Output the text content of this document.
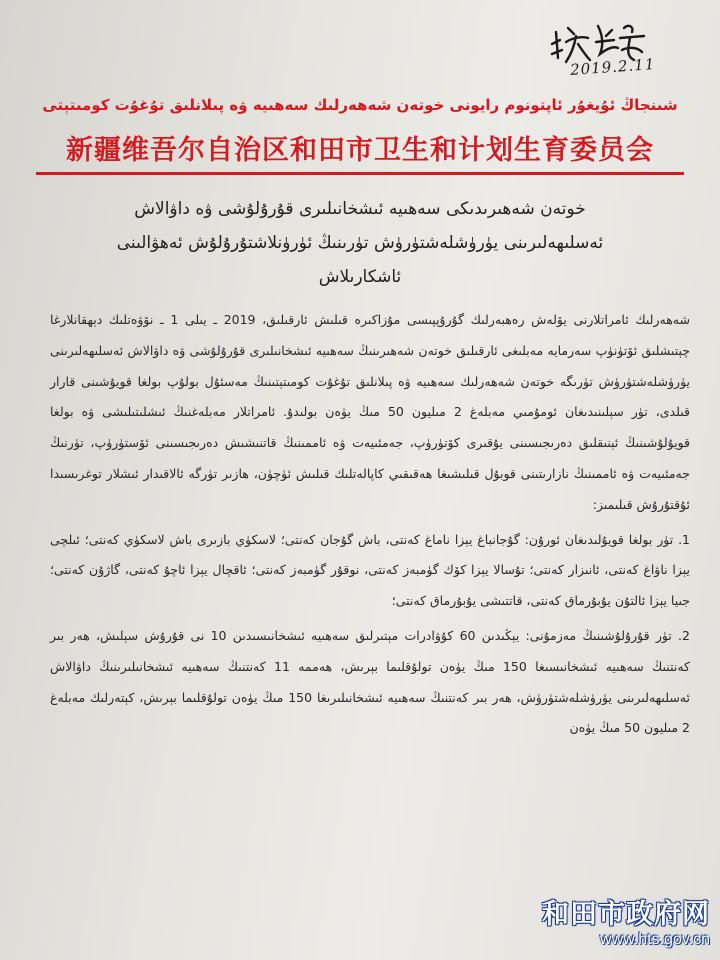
2019.2.11
شىنجاڭ ئۇيغۇر ئاپتونوم رايونى خوتەن شەھەرلىك سەھىيە ۋە پىلانلىق تۇغۇت كومىتېتى
新疆维吾尔自治区和田市卫生和计划生育委员会
خوتەن شەھىرىدىكى سەھىيە ئىشخانىلىرى قۇرۇلۇشى ۋە داۋالاش
ئەسلىھەلىرىنى يۈرۈشلەشتۈرۈش تۈرىنىڭ ئۈرۈنلاشتۇرۇلۇش ئەھۋالىنى
ئاشكارىلاش

شەھەرلىك ئامراتلارنى يۆلەش رەھبەرلىك گۇرۇپپىسى مۇزاكىرە قىلىش ئارقىلىق، 2019 ـ يىلى 1 ـ نۆۋەتلىك دېھقانلارغا چېتىشلىق ئۆتۈنۈپ سەرمايە مەبلىغى ئارقىلىق خوتەن شەھىرىنىڭ سەھىيە ئىشخانىلىرى قۇرۇلۇشى ۋە داۋالاش ئەسلىھەلىرىنى يۈرۈشلەشتۈرۈش تۈرىگە خوتەن شەھەرلىك سەھىيە ۋە پىلانلىق تۇغۇت كومىتېتىنىڭ مەسئۇل بولۇپ بولغا قويۇشىنى قارار قىلدى، تۈر سېلىنىدىغان ئومۇمىي مەبلەغ 2 مىليون 50 مىڭ يۈەن بولىدۇ. ئامراتلار مەبلەغنىڭ ئىشلىتىلىشى ۋە بولغا قويۇلۇشىنىڭ ئېنىقلىق دەرىجىسىنى يۇقىرى كۆتۈرۈپ، جەمئىيەت ۋە ئاممىنىڭ قاتنىشىش دەرىجىسىنى ئۆستۈرۈپ، تۈرنىڭ جەمئىيەت ۋە ئاممىنىڭ نازارىتىنى قوبۇل قىلىشىغا ھەقىقىي كاپالەتلىك قىلىش ئۈچۈن، ھازىر تۈرگە ئالاقىدار ئىشلار توغرىسىدا ئۇقتۇرۇش قىلىمىز:

1. تۈر بولغا قويۇلىدىغان ئورۇن: گۇجانباغ يېزا ناماغ كەنتى، باش گۇجان كەنتى؛ لاسكۈي بازىرى باش لاسكۈي كەنتى؛ ئىلچى يېزا ناۋاغ كەنتى، ئانىزار كەنتى؛ تۇسالا يېزا كۆك گۈمبەز كەنتى، نوقۇر گۈمبەز كەنتى؛ ئاقچال يېزا ئاچۇ كەنتى، گاژۇن كەنتى؛ جىيا يېزا ئالتۇن يۇبۇرماق كەنتى، قاتتىشى يۇبۇرماق كەنتى؛

2. تۈر قۇرۇلۇشىنىڭ مەزمۇنى: يېڭىدىن 60 كۇۋادرات مېتىرلىق سەھىيە ئىشخانىسىدىن 10 نى قۇرۇش سېلىش، ھەر بىر كەنتنىڭ سەھىيە ئىشخانىسىغا 150 مىڭ يۈەن تولۇقلىما بېرىش، ھەممە 11 كەنتنىڭ سەھىيە ئىشخانىلىرىنىڭ داۋالاش ئەسلىھەلىرىنى يۈرۈشلەشتۈرۈش، ھەر بىر كەنتنىڭ سەھىيە ئىشخانىلىرىغا 150 مىڭ يۈەن تولۇقلىما بېرىش، كېتەرلىك مەبلەغ 2 مىليون 50 مىڭ يۈەن

和田市政府网
www.hts.gov.cn
